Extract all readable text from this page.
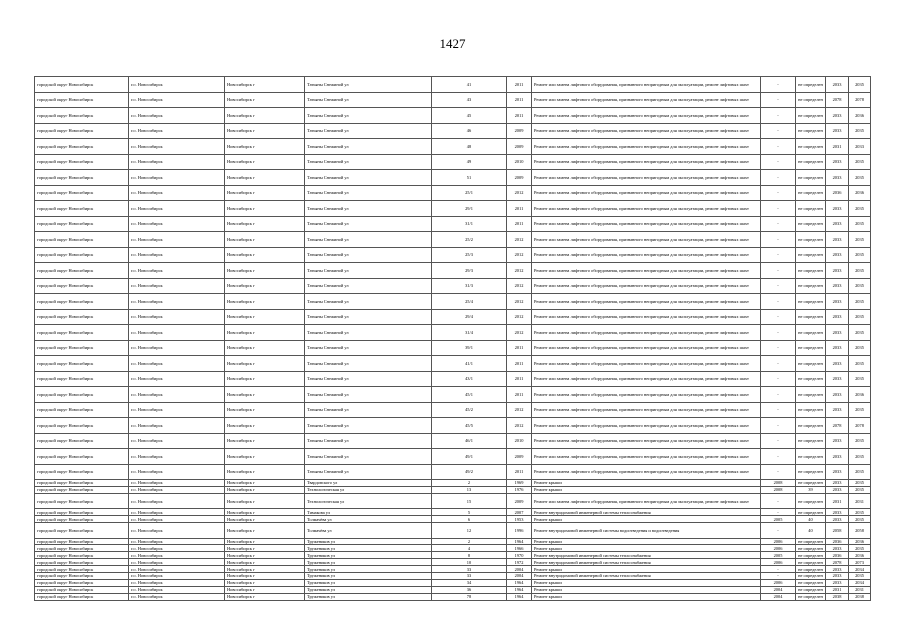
1427
городской округ Новосибирск	г.о. Новосибирск	Новосибирск г	Татьяны Снежиной ул	41	2011	Ремонт или замена лифтового оборудования, признанного непригодным для эксплуатации, ремонт лифтовых шахт	-	не определен	2033	2035
городской округ Новосибирск	г.о. Новосибирск	Новосибирск г	Татьяны Снежиной ул	43	2011	Ремонт или замена лифтового оборудования, признанного непригодным для эксплуатации, ремонт лифтовых шахт	-	не определен	2078	2078
городской округ Новосибирск	г.о. Новосибирск	Новосибирск г	Татьяны Снежиной ул	45	2011	Ремонт или замена лифтового оборудования, признанного непригодным для эксплуатации, ремонт лифтовых шахт	-	не определен	2033	2036
городской округ Новосибирск	г.о. Новосибирск	Новосибирск г	Татьяны Снежиной ул	46	2009	Ремонт или замена лифтового оборудования, признанного непригодным для эксплуатации, ремонт лифтовых шахт	-	не определен	2033	2035
городской округ Новосибирск	г.о. Новосибирск	Новосибирск г	Татьяны Снежиной ул	48	2009	Ремонт или замена лифтового оборудования, признанного непригодным для эксплуатации, ремонт лифтовых шахт	-	не определен	2031	2033
городской округ Новосибирск	г.о. Новосибирск	Новосибирск г	Татьяны Снежиной ул	49	2010	Ремонт или замена лифтового оборудования, признанного непригодным для эксплуатации, ремонт лифтовых шахт	-	не определен	2033	2035
городской округ Новосибирск	г.о. Новосибирск	Новосибирск г	Татьяны Снежиной ул	51	2009	Ремонт или замена лифтового оборудования, признанного непригодным для эксплуатации, ремонт лифтовых шахт	-	не определен	2033	2035
городской округ Новосибирск	г.о. Новосибирск	Новосибирск г	Татьяны Снежиной ул	25/1	2012	Ремонт или замена лифтового оборудования, признанного непригодным для эксплуатации, ремонт лифтовых шахт	-	не определен	2036	2036
городской округ Новосибирск	г.о. Новосибирск	Новосибирск г	Татьяны Снежиной ул	29/1	2011	Ремонт или замена лифтового оборудования, признанного непригодным для эксплуатации, ремонт лифтовых шахт	-	не определен	2033	2035
городской округ Новосибирск	г.о. Новосибирск	Новосибирск г	Татьяны Снежиной ул	31/1	2011	Ремонт или замена лифтового оборудования, признанного непригодным для эксплуатации, ремонт лифтовых шахт	-	не определен	2033	2035
городской округ Новосибирск	г.о. Новосибирск	Новосибирск г	Татьяны Снежиной ул	25/2	2012	Ремонт или замена лифтового оборудования, признанного непригодным для эксплуатации, ремонт лифтовых шахт	-	не определен	2033	2035
городской округ Новосибирск	г.о. Новосибирск	Новосибирск г	Татьяны Снежиной ул	25/3	2012	Ремонт или замена лифтового оборудования, признанного непригодным для эксплуатации, ремонт лифтовых шахт	-	не определен	2033	2035
городской округ Новосибирск	г.о. Новосибирск	Новосибирск г	Татьяны Снежиной ул	29/3	2012	Ремонт или замена лифтового оборудования, признанного непригодным для эксплуатации, ремонт лифтовых шахт	-	не определен	2033	2035
городской округ Новосибирск	г.о. Новосибирск	Новосибирск г	Татьяны Снежиной ул	31/3	2012	Ремонт или замена лифтового оборудования, признанного непригодным для эксплуатации, ремонт лифтовых шахт	-	не определен	2033	2035
городской округ Новосибирск	г.о. Новосибирск	Новосибирск г	Татьяны Снежиной ул	25/4	2012	Ремонт или замена лифтового оборудования, признанного непригодным для эксплуатации, ремонт лифтовых шахт	-	не определен	2033	2035
городской округ Новосибирск	г.о. Новосибирск	Новосибирск г	Татьяны Снежиной ул	29/4	2012	Ремонт или замена лифтового оборудования, признанного непригодным для эксплуатации, ремонт лифтовых шахт	-	не определен	2033	2035
городской округ Новосибирск	г.о. Новосибирск	Новосибирск г	Татьяны Снежиной ул	31/4	2012	Ремонт или замена лифтового оборудования, признанного непригодным для эксплуатации, ремонт лифтовых шахт	-	не определен	2033	2035
городской округ Новосибирск	г.о. Новосибирск	Новосибирск г	Татьяны Снежиной ул	39/1	2011	Ремонт или замена лифтового оборудования, признанного непригодным для эксплуатации, ремонт лифтовых шахт	-	не определен	2033	2035
городской округ Новосибирск	г.о. Новосибирск	Новосибирск г	Татьяны Снежиной ул	41/1	2011	Ремонт или замена лифтового оборудования, признанного непригодным для эксплуатации, ремонт лифтовых шахт	-	не определен	2033	2035
городской округ Новосибирск	г.о. Новосибирск	Новосибирск г	Татьяны Снежиной ул	43/1	2011	Ремонт или замена лифтового оборудования, признанного непригодным для эксплуатации, ремонт лифтовых шахт	-	не определен	2033	2035
городской округ Новосибирск	г.о. Новосибирск	Новосибирск г	Татьяны Снежиной ул	45/1	2011	Ремонт или замена лифтового оборудования, признанного непригодным для эксплуатации, ремонт лифтовых шахт	-	не определен	2033	2036
городской округ Новосибирск	г.о. Новосибирск	Новосибирск г	Татьяны Снежиной ул	45/2	2012	Ремонт или замена лифтового оборудования, признанного непригодным для эксплуатации, ремонт лифтовых шахт	-	не определен	2033	2035
городской округ Новосибирск	г.о. Новосибирск	Новосибирск г	Татьяны Снежиной ул	45/5	2012	Ремонт или замена лифтового оборудования, признанного непригодным для эксплуатации, ремонт лифтовых шахт	-	не определен	2078	2078
городской округ Новосибирск	г.о. Новосибирск	Новосибирск г	Татьяны Снежиной ул	46/1	2010	Ремонт или замена лифтового оборудования, признанного непригодным для эксплуатации, ремонт лифтовых шахт	-	не определен	2033	2035
городской округ Новосибирск	г.о. Новосибирск	Новосибирск г	Татьяны Снежиной ул	49/1	2009	Ремонт или замена лифтового оборудования, признанного непригодным для эксплуатации, ремонт лифтовых шахт	-	не определен	2033	2035
городской округ Новосибирск	г.о. Новосибирск	Новосибирск г	Татьяны Снежиной ул	49/2	2011	Ремонт или замена лифтового оборудования, признанного непригодным для эксплуатации, ремонт лифтовых шахт	-	не определен	2033	2035
городской округ Новосибирск	г.о. Новосибирск	Новосибирск г	Твардовского ул	2	1969	Ремонт крыши	2008	не определен	2033	2035
городской округ Новосибирск	г.о. Новосибирск	Новосибирск г	Технологическая ул	13	1976	Ремонт крыши	2008	39	2033	2035
городской округ Новосибирск	г.о. Новосибирск	Новосибирск г	Технологическая ул	15	2009	Ремонт или замена лифтового оборудования, признанного непригодным для эксплуатации, ремонт лифтовых шахт	-	не определен	2031	2031
городской округ Новосибирск	г.о. Новосибирск	Новосибирск г	Тимакова ул	5	2007	Ремонт внутридомовой инженерной системы теплоснабжения	-	не определен	2033	2035
городской округ Новосибирск	г.о. Новосибирск	Новосибирск г	Толмачёва ул	6	1953	Ремонт крыши	2005	40	2033	2035
городской округ Новосибирск	г.о. Новосибирск	Новосибирск г	Толмачёва ул	12	1996	Ремонт внутридомовой инженерной системы водоотведения и водоотведения	-	40	2058	2058
городской округ Новосибирск	г.о. Новосибирск	Новосибирск г	Тружеников ул	2	1964	Ремонт крыши	2006	не определен	2036	2036
городской округ Новосибирск	г.о. Новосибирск	Новосибирск г	Тружеников ул	4	1966	Ремонт крыши	2006	не определен	2033	2035
городской округ Новосибирск	г.о. Новосибирск	Новосибирск г	Тружеников ул	8	1970	Ремонт внутридомовой инженерной системы теплоснабжения	2005	не определен	2036	2036
городской округ Новосибирск	г.о. Новосибирск	Новосибирск г	Тружеников ул	10	1972	Ремонт внутридомовой инженерной системы теплоснабжения	2006	не определен	2078	2073
городской округ Новосибирск	г.о. Новосибирск	Новосибирск г	Тружеников ул	33	2004	Ремонт крыши	-	не определен	2033	2034
городской округ Новосибирск	г.о. Новосибирск	Новосибирск г	Тружеников ул	33	2004	Ремонт внутридомовой инженерной системы теплоснабжения	-	не определен	2033	2035
городской округ Новосибирск	г.о. Новосибирск	Новосибирск г	Тружеников ул	34	1964	Ремонт крыши	2006	не определен	2033	2034
городской округ Новосибирск	г.о. Новосибирск	Новосибирск г	Тружеников ул	36	1964	Ремонт крыши	2004	не определен	2031	2031
городской округ Новосибирск	г.о. Новосибирск	Новосибирск г	Тружеников ул	78	1964	Ремонт крыши	2004	не определен	2038	2038
